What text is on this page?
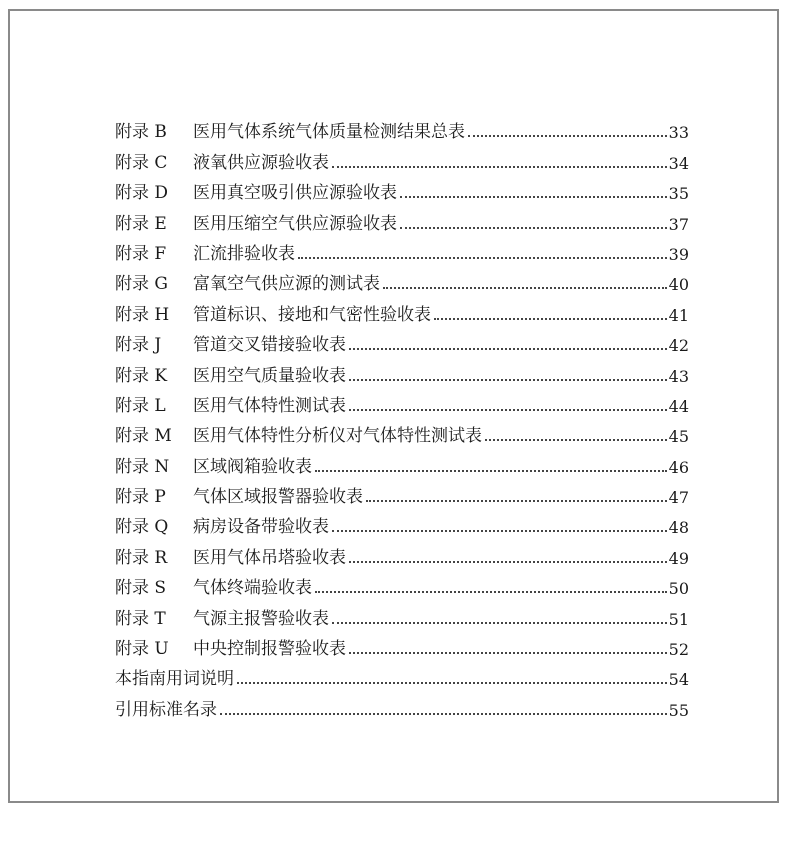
附录 B 医用气体系统气体质量检测结果总表	33
附录 C 液氧供应源验收表	34
附录 D 医用真空吸引供应源验收表	35
附录 E 医用压缩空气供应源验收表	37
附录 F 汇流排验收表	39
附录 G 富氧空气供应源的测试表	40
附录 H 管道标识、接地和气密性验收表	41
附录 J 管道交叉错接验收表	42
附录 K 医用空气质量验收表	43
附录 L 医用气体特性测试表	44
附录 M 医用气体特性分析仪对气体特性测试表	45
附录 N 区域阀箱验收表	46
附录 P 气体区域报警器验收表	47
附录 Q 病房设备带验收表	48
附录 R 医用气体吊塔验收表	49
附录 S 气体终端验收表	50
附录 T 气源主报警验收表	51
附录 U 中央控制报警验收表	52
本指南用词说明	54
引用标准名录	55
